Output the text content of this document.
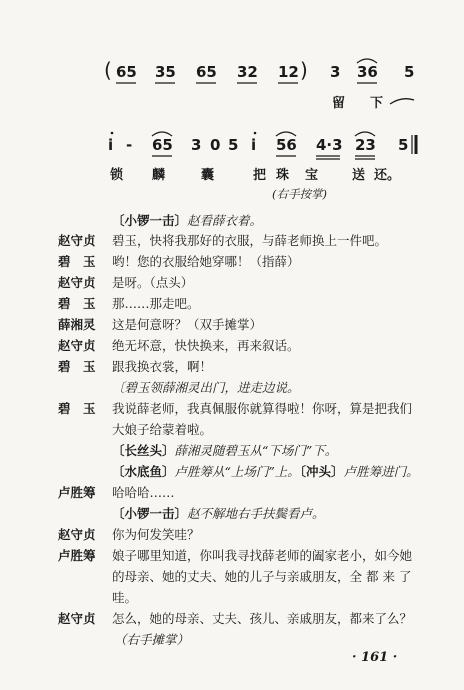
( 65 35 65 32 12 ) 3 36 5
留 下
i - 65 3 0 5 i 56 4·3 23 5
锁 麟	囊	把 珠 宝	送 还。
(右手按掌)
〔小锣一击〕赵看薛衣着。
赵守贞	碧玉，快将我那好的衣服，与薛老师换上一件吧。
碧　玉	哟！您的衣服给她穿哪！（指薛）
赵守贞	是呀。（点头）
碧　玉	那……那走吧。
薛湘灵	这是何意呀？（双手摊掌）
赵守贞	绝无坏意，快快换来，再来叙话。
碧　玉	跟我换衣裳，啊！
〔碧玉领薛湘灵出门，进走边说。
碧　玉	我说薛老师，我真佩服你就算得啦！你呀，算是把我们
大娘子给蒙着啦。
〔长丝头〕薛湘灵随碧玉从“下场门”下。
〔水底鱼〕卢胜筹从“上场门”上。〔冲头〕卢胜筹进门。
卢胜筹	哈哈哈……
〔小锣一击〕赵不解地右手扶鬓看卢。
赵守贞	你为何发笑哇？
卢胜筹	娘子哪里知道，你叫我寻找薛老师的阖家老小，如今她
的母亲、她的丈夫、她的儿子与亲戚朋友，全 都 来 了
哇。
赵守贞	怎么，她的母亲、丈夫、孩儿、亲戚朋友，都来了么？
（右手摊掌）
· 161 ·
